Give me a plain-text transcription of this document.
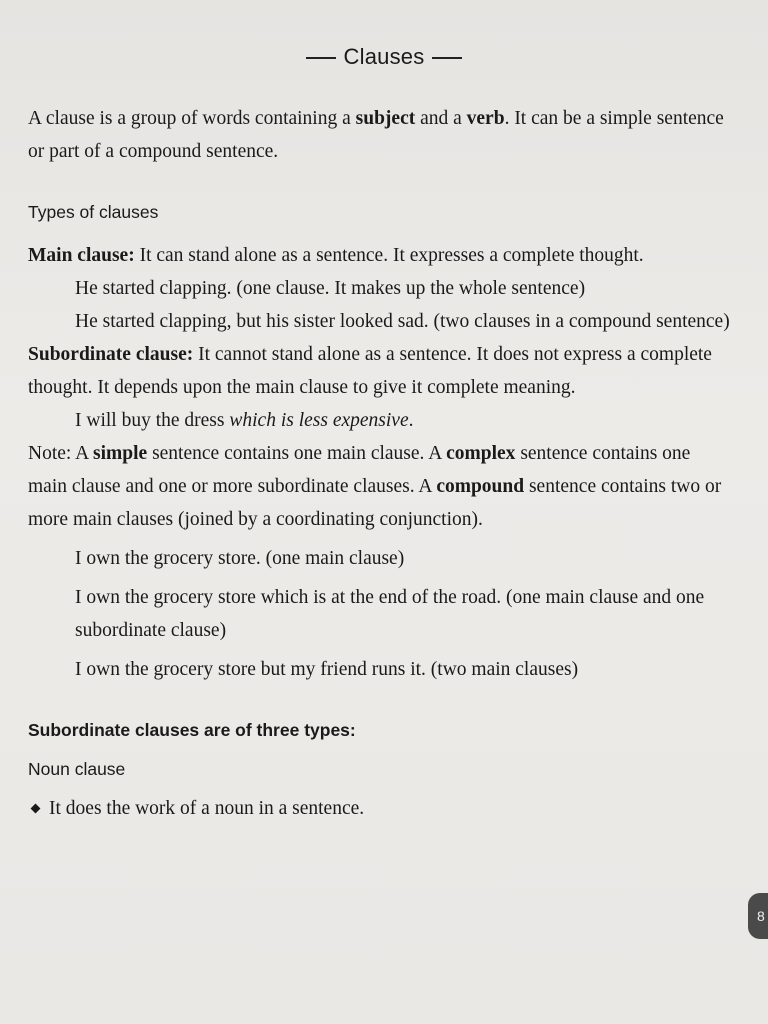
Clauses

A clause is a group of words containing a subject and a verb. It can be a simple sentence or part of a compound sentence.

Types of clauses

Main clause: It can stand alone as a sentence. It expresses a complete thought.

He started clapping. (one clause. It makes up the whole sentence)

He started clapping, but his sister looked sad. (two clauses in a compound sentence)

Subordinate clause: It cannot stand alone as a sentence. It does not express a complete thought. It depends upon the main clause to give it complete meaning.

I will buy the dress which is less expensive.

Note: A simple sentence contains one main clause. A complex sentence contains one main clause and one or more subordinate clauses. A compound sentence contains two or more main clauses (joined by a coordinating conjunction).

I own the grocery store. (one main clause)

I own the grocery store which is at the end of the road. (one main clause and one subordinate clause)

I own the grocery store but my friend runs it. (two main clauses)

Subordinate clauses are of three types:

Noun clause

It does the work of a noun in a sentence.

8
